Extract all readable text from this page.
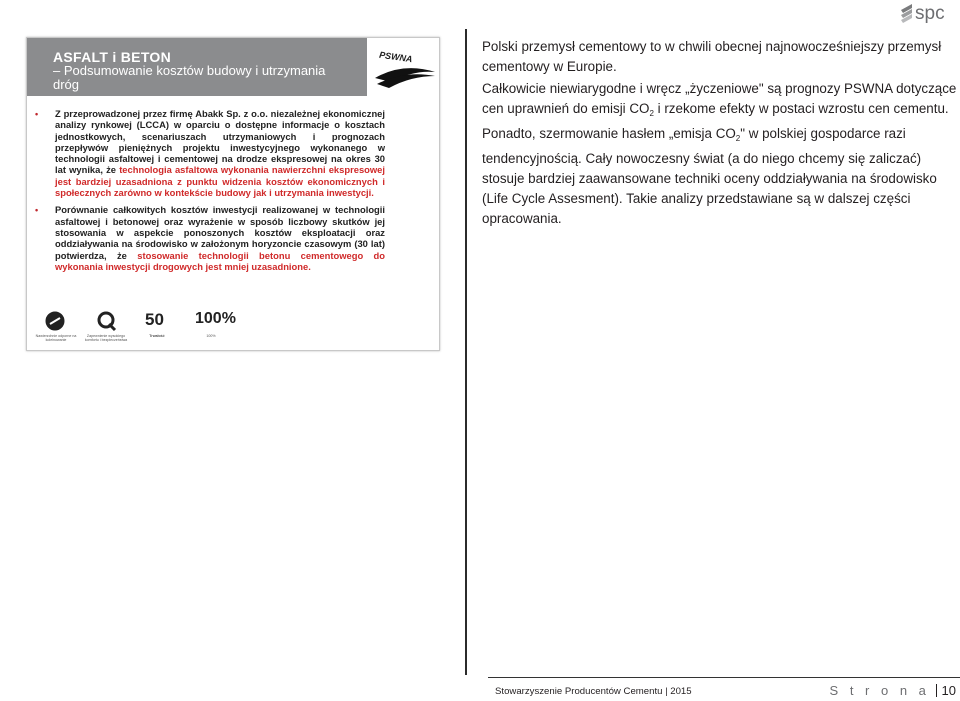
spc
ASFALT i BETON
– Podsumowanie kosztów budowy i utrzymania dróg
PSWNA
• Z przeprowadzonej przez firmę Abakk Sp. z o.o. niezależnej ekonomicznej analizy rynkowej (LCCA) w oparciu o dostępne informacje o kosztach jednostkowych, scenariuszach utrzymaniowych i prognozach przepływów pieniężnych projektu inwestycyjnego wykonanego w technologii asfaltowej i cementowej na drodze ekspresowej na okres 30 lat wynika, że technologia asfaltowa wykonania nawierzchni ekspresowej jest bardziej uzasadniona z punktu widzenia kosztów ekonomicznych i społecznych zarówno w kontekście budowy jak i utrzymania inwestycji.
• Porównanie całkowitych kosztów inwestycji realizowanej w technologii asfaltowej i betonowej oraz wyrażenie w sposób liczbowy skutków jej stosowania w aspekcie ponoszonych kosztów eksploatacji oraz oddziaływania na środowisko w założonym horyzoncie czasowym (30 lat) potwierdza, że stosowanie technologii betonu cementowego do wykonania inwestycji drogowych jest mniej uzasadnione.
Nawierzchnie odporne na koleinowanie
Zapewnienie wysokiego komfortu i bezpieczeństwa
50
Trwałość
100%
100%
Polski przemysł cementowy to w chwili obecnej najnowocześniejszy przemysł cementowy w Europie.
Całkowicie niewiarygodne i wręcz „życzeniowe" są prognozy PSWNA dotyczące cen uprawnień do emisji $CO_2$ i rzekome efekty w postaci wzrostu cen cementu. Ponadto, szermowanie hasłem „emisja $CO_2$" w polskiej gospodarce razi tendencyjnością. Cały nowoczesny świat (a do niego chcemy się zaliczać) stosuje bardziej zaawansowane techniki oceny oddziaływania na środowisko (Life Cycle Assesment). Takie analizy przedstawiane są w dalszej części opracowania.
Stowarzyszenie Producentów Cementu | 2015	S t r o n a 10
